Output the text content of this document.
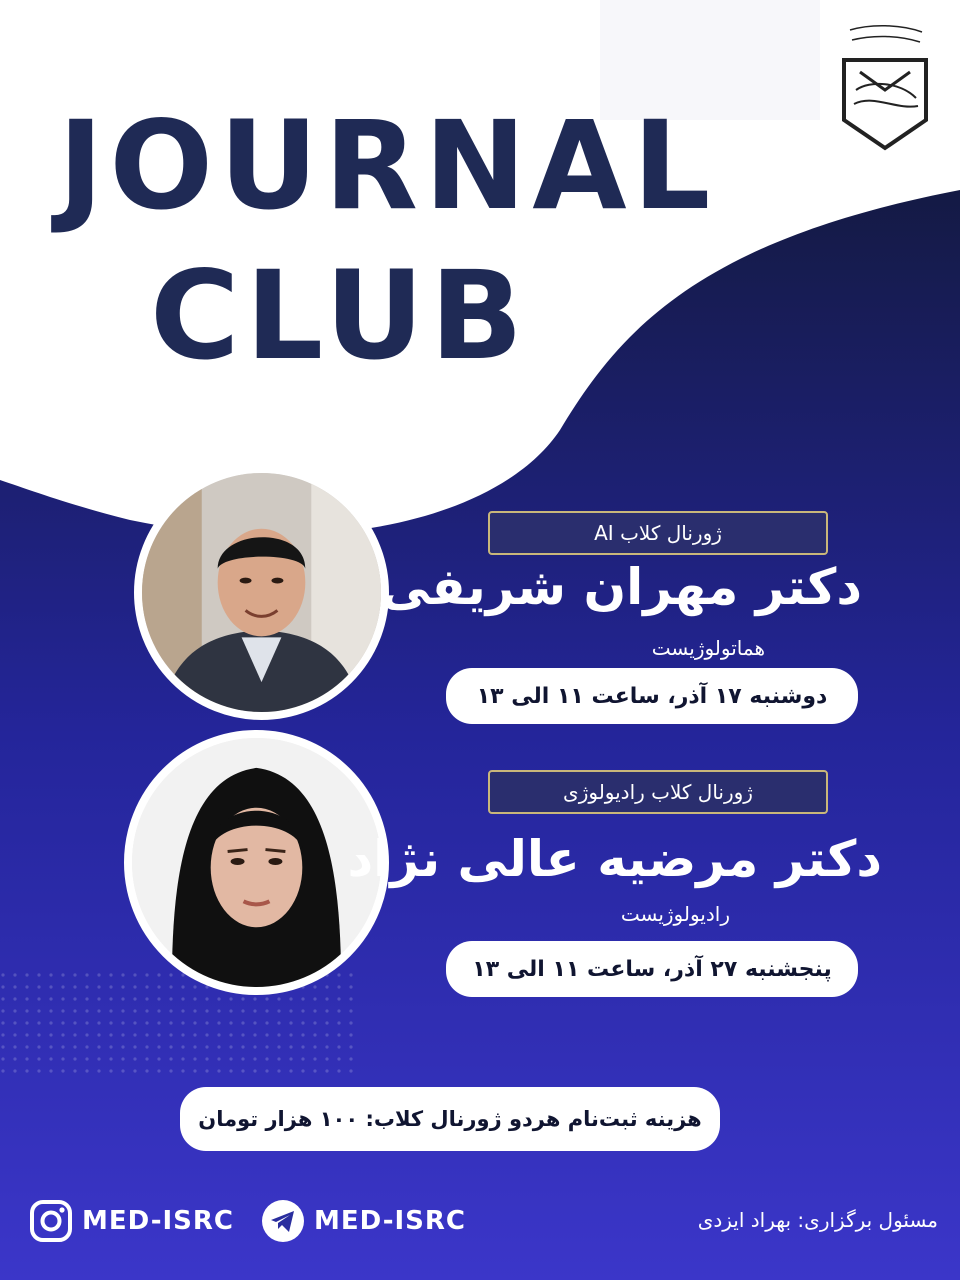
JOURNAL
CLUB
ژورنال کلاب AI
دکتر مهران شریفی
هماتولوژیست
دوشنبه ۱۷ آذر، ساعت ۱۱ الی ۱۳
ژورنال کلاب رادیولوژی
دکتر مرضیه عالی نژاد
رادیولوژیست
پنجشنبه ۲۷ آذر، ساعت ۱۱ الی ۱۳
هزینه ثبت‌نام هردو ژورنال کلاب: ۱۰۰ هزار تومان
MED-ISRC	MED-ISRC	مسئول برگزاری: بهراد ایزدی
